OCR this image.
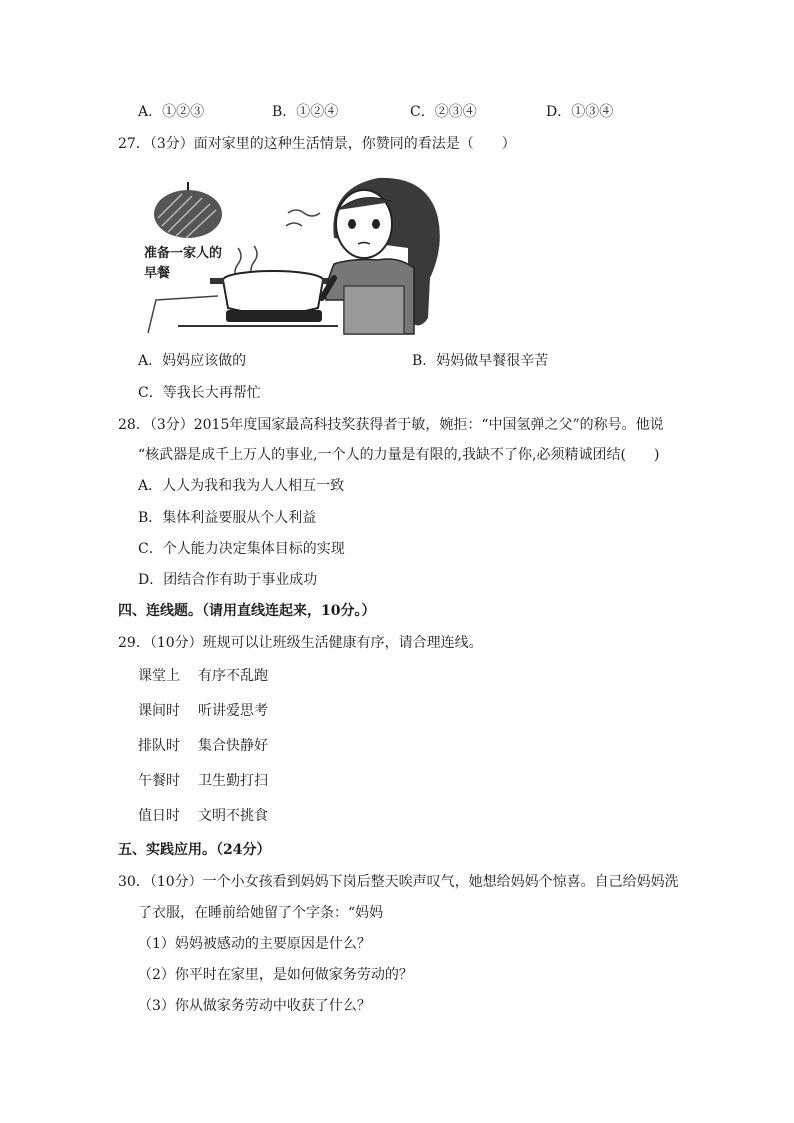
A．①②③	B．①②④	C．②③④	D．①③④
27．（3分）面对家里的这种生活情景，你赞同的看法是（　　）
准备一家人的
早餐
A．妈妈应该做的	B．妈妈做早餐很辛苦
C．等我长大再帮忙
28．（3分）2015年度国家最高科技奖获得者于敏，婉拒：“中国氢弹之父”的称号。他说
“核武器是成千上万人的事业,一个人的力量是有限的,我缺不了你,必须精诚团结(　　)
A．人人为我和我为人人相互一致
B．集体利益要服从个人利益
C．个人能力决定集体目标的实现
D．团结合作有助于事业成功
四、连线题。（请用直线连起来，10分。）
29．（10分）班规可以让班级生活健康有序，请合理连线。
课堂上 有序不乱跑
课间时 听讲爱思考
排队时 集合快静好
午餐时 卫生勤打扫
值日时 文明不挑食
五、实践应用。（24分）
30．（10分）一个小女孩看到妈妈下岗后整天唉声叹气，她想给妈妈个惊喜。自己给妈妈洗
了衣服，在睡前给她留了个字条：“妈妈
（1）妈妈被感动的主要原因是什么？
（2）你平时在家里，是如何做家务劳动的？
（3）你从做家务劳动中收获了什么？
